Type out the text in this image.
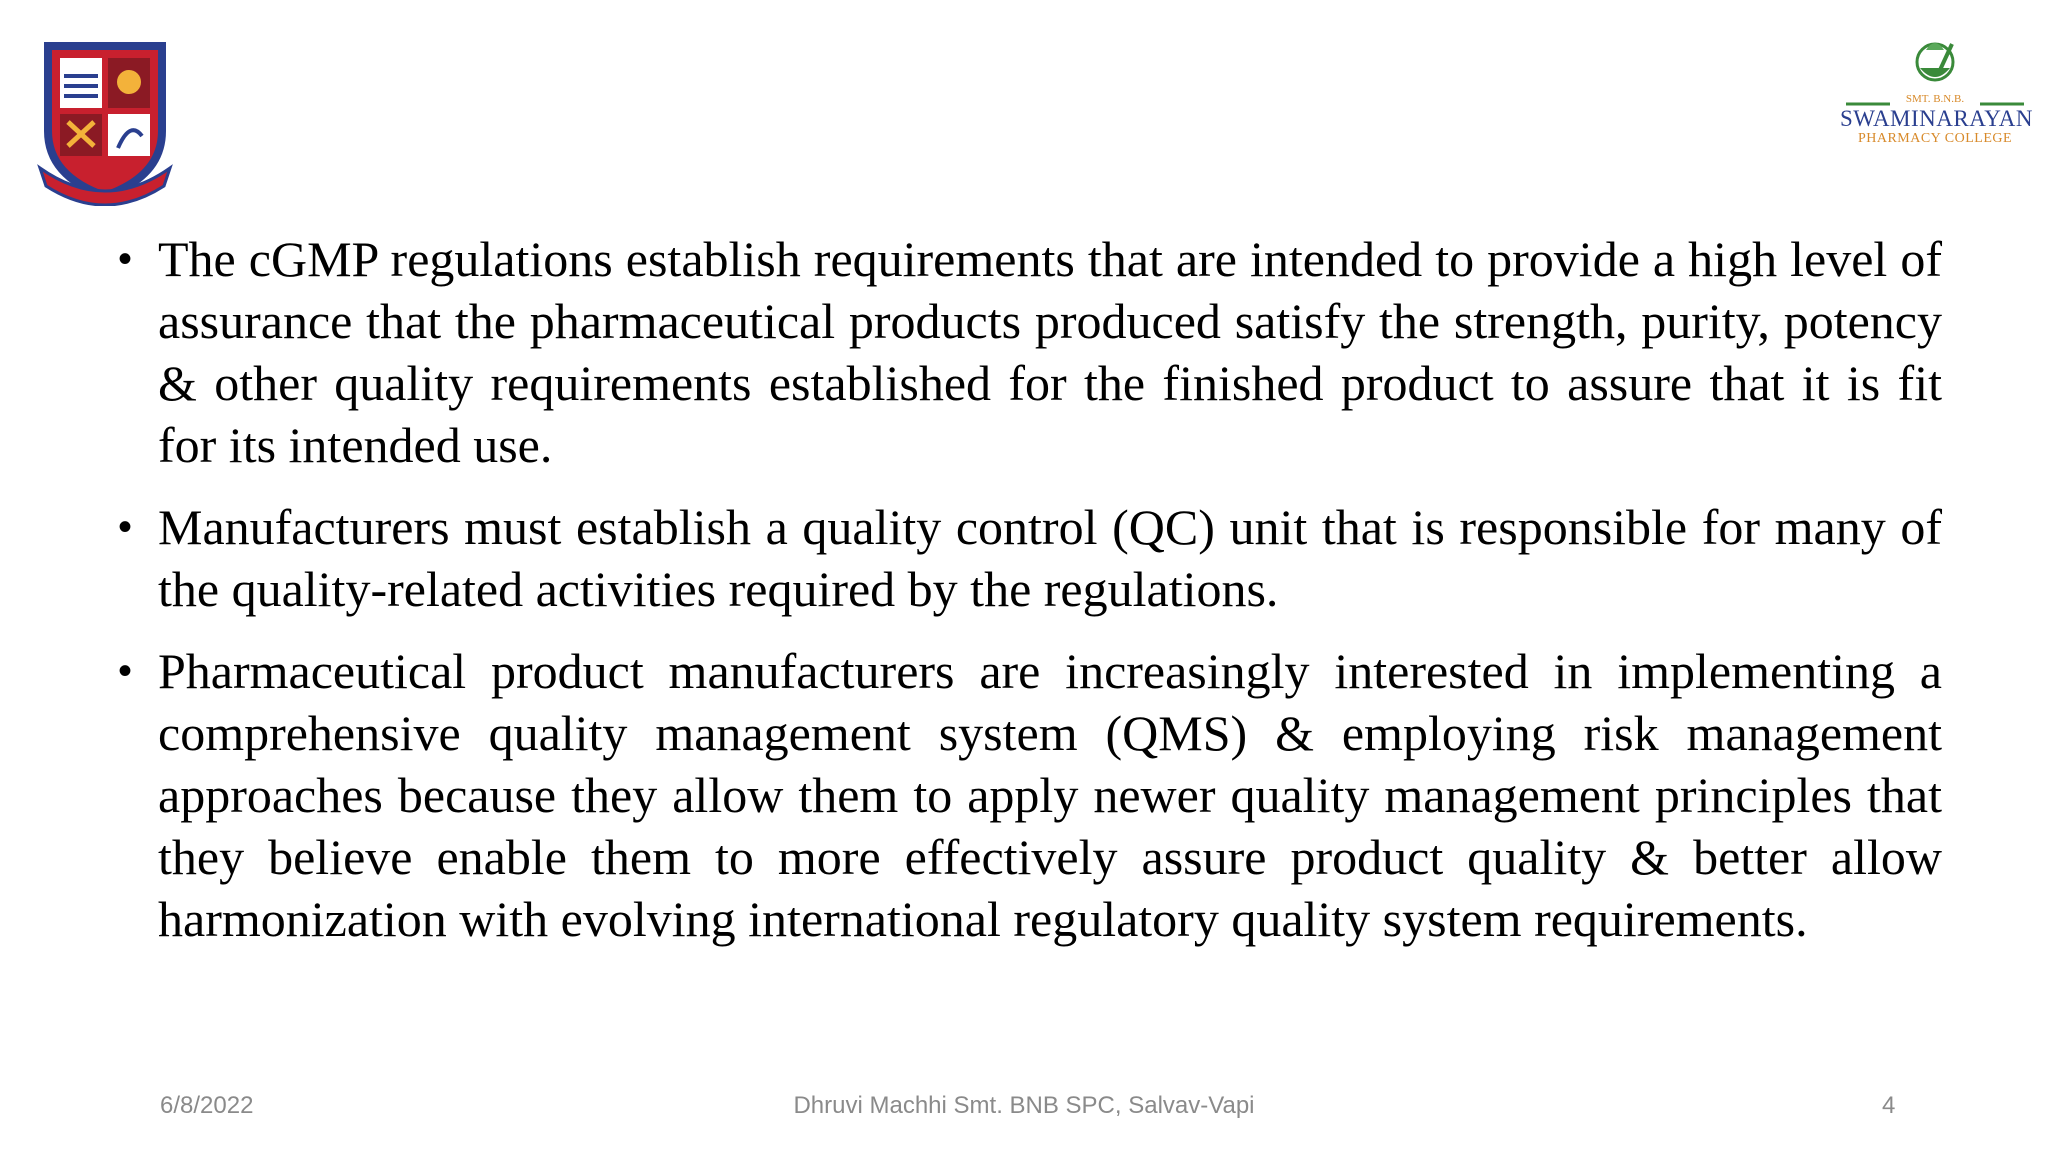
SMT. B.N.B.
SWAMINARAYAN
PHARMACY COLLEGE
• The cGMP regulations establish requirements that are intended to provide a high level of assurance that the pharmaceutical products produced satisfy the strength, purity, potency & other quality requirements established for the finished product to assure that it is fit for its intended use.
• Manufacturers must establish a quality control (QC) unit that is responsible for many of the quality-related activities required by the regulations.
• Pharmaceutical product manufacturers are increasingly interested in implementing a comprehensive quality management system (QMS) & employing risk management approaches because they allow them to apply newer quality management principles that they believe enable them to more effectively assure product quality & better allow harmonization with evolving international regulatory quality system requirements.
6/8/2022	Dhruvi Machhi Smt. BNB SPC, Salvav-Vapi	4
